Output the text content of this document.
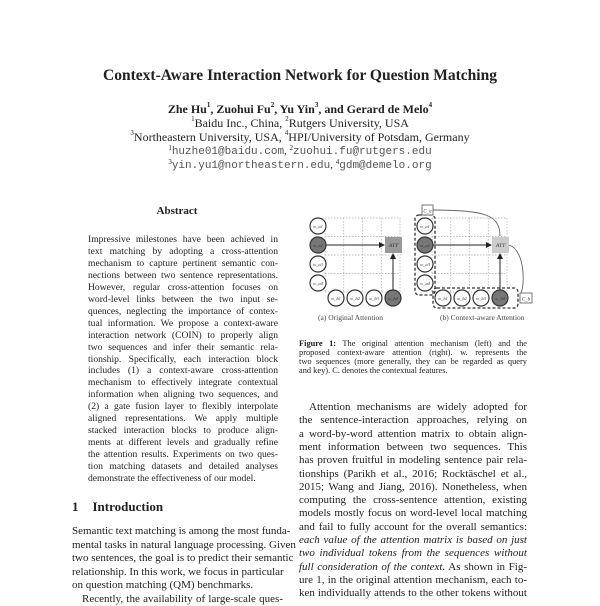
Context-Aware Interaction Network for Question Matching
Zhe Hu$^1$, Zuohui Fu$^2$, Yu Yin$^3$, and Gerard de Melo$^4$
$^1$Baidu Inc., China, $^2$Rutgers University, USA
$^3$Northeastern University, USA, $^4$HPI/University of Potsdam, Germany
$^1$huzhe01@baidu.com, $^2$zuohui.fu@rutgers.edu
$^3$yin.yu1@northeastern.edu, $^4$gdm@demelo.org
Abstract
Impressive milestones have been achieved in
text matching by adopting a cross-attention
mechanism to capture pertinent semantic con-
nections between two sentence representations.
However, regular cross-attention focuses on
word-level links between the two input se-
quences, neglecting the importance of contex-
tual information. We propose a context-aware
interaction network (COIN) to properly align
two sequences and infer their semantic rela-
tionship. Specifically, each interaction block
includes (1) a context-aware cross-attention
mechanism to effectively integrate contextual
information when aligning two sequences, and
(2) a gate fusion layer to flexibly interpolate
aligned representations. We apply multiple
stacked interaction blocks to produce align-
ments at different levels and gradually refine
the attention results. Experiments on two ques-
tion matching datasets and detailed analyses
demonstrate the effectiveness of our model.
1 Introduction
Semantic text matching is among the most funda-
mental tasks in natural language processing. Given
two sentences, the goal is to predict their semantic
relationship. In this work, we focus in particular
on question matching (QM) benchmarks.
Recently, the availability of large-scale ques-
ATT
w_a1
w_a2
w_a3
w_a4
w_b1 w_b2 w_b3 w_b4
ATT
w_a1
w_a2
w_a3
w_a4
w_b1 w_b2 w_b3 w_b4
C_a
C_b
(a) Original Attention	(b) Context-aware Attention
Figure 1: The original attention mechanism (left) and the
proposed context-aware attention (right). w. represents the
two sequences (more generally, they can be regarded as query
and key). C. denotes the contextual features.
Attention mechanisms are widely adopted for
the sentence-interaction approaches, relying on
a word-by-word attention matrix to obtain align-
ment information between two sequences. This
has proven fruitful in modeling sentence pair rela-
tionships (Parikh et al., 2016; Rocktäschel et al.,
2015; Wang and Jiang, 2016). Nonetheless, when
computing the cross-sentence attention, existing
models mostly focus on word-level local matching
and fail to fully account for the overall semantics:
each value of the attention matrix is based on just
two individual tokens from the sequences without
full consideration of the context. As shown in Fig-
ure 1, in the original attention mechanism, each to-
ken individually attends to the other tokens without
